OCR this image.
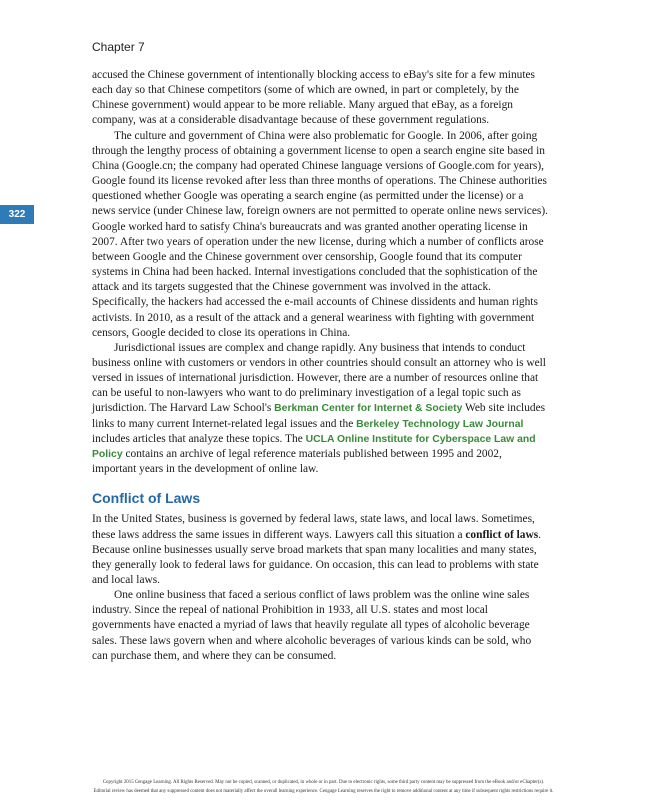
Chapter 7
322

accused the Chinese government of intentionally blocking access to eBay's site for a few minutes each day so that Chinese competitors (some of which are owned, in part or completely, by the Chinese government) would appear to be more reliable. Many argued that eBay, as a foreign company, was at a considerable disadvantage because of these government regulations.

The culture and government of China were also problematic for Google. In 2006, after going through the lengthy process of obtaining a government license to open a search engine site based in China (Google.cn; the company had operated Chinese language versions of Google.com for years), Google found its license revoked after less than three months of operations. The Chinese authorities questioned whether Google was operating a search engine (as permitted under the license) or a news service (under Chinese law, foreign owners are not permitted to operate online news services). Google worked hard to satisfy China's bureaucrats and was granted another operating license in 2007. After two years of operation under the new license, during which a number of conflicts arose between Google and the Chinese government over censorship, Google found that its computer systems in China had been hacked. Internal investigations concluded that the sophistication of the attack and its targets suggested that the Chinese government was involved in the attack. Specifically, the hackers had accessed the e-mail accounts of Chinese dissidents and human rights activists. In 2010, as a result of the attack and a general weariness with fighting with government censors, Google decided to close its operations in China.

Jurisdictional issues are complex and change rapidly. Any business that intends to conduct business online with customers or vendors in other countries should consult an attorney who is well versed in issues of international jurisdiction. However, there are a number of resources online that can be useful to non-lawyers who want to do preliminary investigation of a legal topic such as jurisdiction. The Harvard Law School's Berkman Center for Internet & Society Web site includes links to many current Internet-related legal issues and the Berkeley Technology Law Journal includes articles that analyze these topics. The UCLA Online Institute for Cyberspace Law and Policy contains an archive of legal reference materials published between 1995 and 2002, important years in the development of online law.

Conflict of Laws

In the United States, business is governed by federal laws, state laws, and local laws. Sometimes, these laws address the same issues in different ways. Lawyers call this situation a conflict of laws. Because online businesses usually serve broad markets that span many localities and many states, they generally look to federal laws for guidance. On occasion, this can lead to problems with state and local laws.

One online business that faced a serious conflict of laws problem was the online wine sales industry. Since the repeal of national Prohibition in 1933, all U.S. states and most local governments have enacted a myriad of laws that heavily regulate all types of alcoholic beverage sales. These laws govern when and where alcoholic beverages of various kinds can be sold, who can purchase them, and where they can be consumed.

Copyright 2015 Cengage Learning. All Rights Reserved. May not be copied, scanned, or duplicated, in whole or in part. Due to electronic rights, some third party content may be suppressed from the eBook and/or eChapter(s).
Editorial review has deemed that any suppressed content does not materially affect the overall learning experience. Cengage Learning reserves the right to remove additional content at any time if subsequent rights restrictions require it.
